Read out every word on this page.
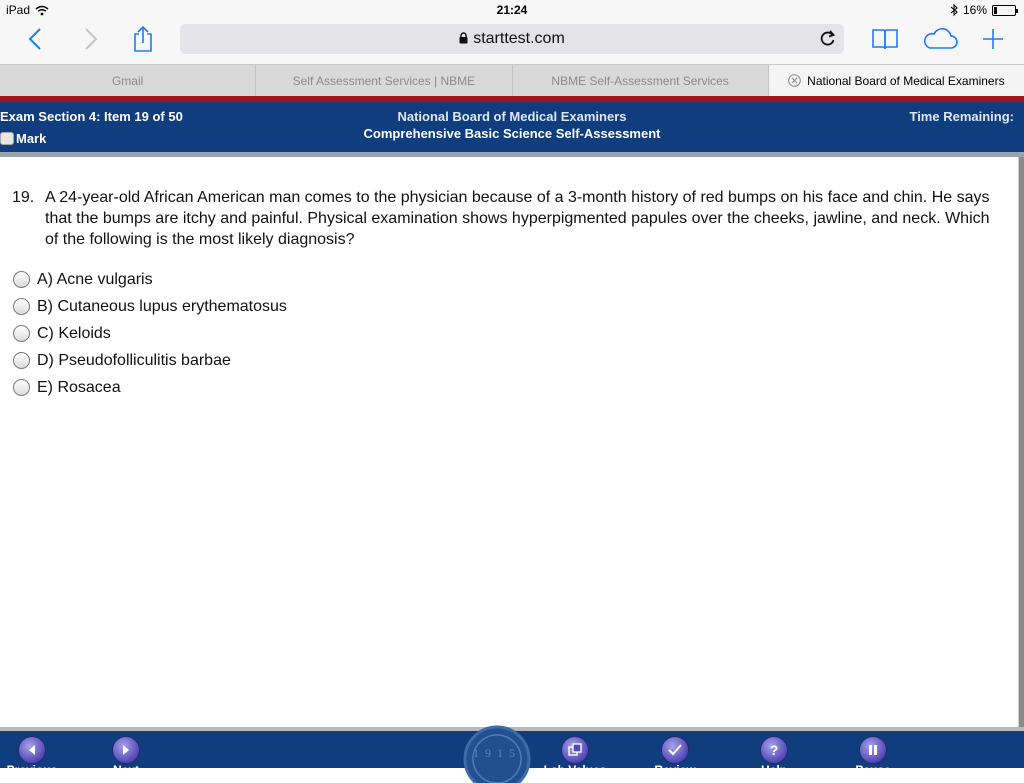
iPad	21:24	16%
starttest.com
Gmail	Self Assessment Services | NBME	NBME Self-Assessment Services	National Board of Medical Examiners
Exam Section 4: Item 19 of 50
Mark
National Board of Medical Examiners
Comprehensive Basic Science Self-Assessment
Time Remaining:
19. A 24-year-old African American man comes to the physician because of a 3-month history of red bumps on his face and chin. He says that the bumps are itchy and painful. Physical examination shows hyperpigmented papules over the cheeks, jawline, and neck. Which of the following is the most likely diagnosis?
A) Acne vulgaris
B) Cutaneous lupus erythematosus
C) Keloids
D) Pseudofolliculitis barbae
E) Rosacea
1915
Previous	Next	Lab Values	Review
?
Help	Pause
